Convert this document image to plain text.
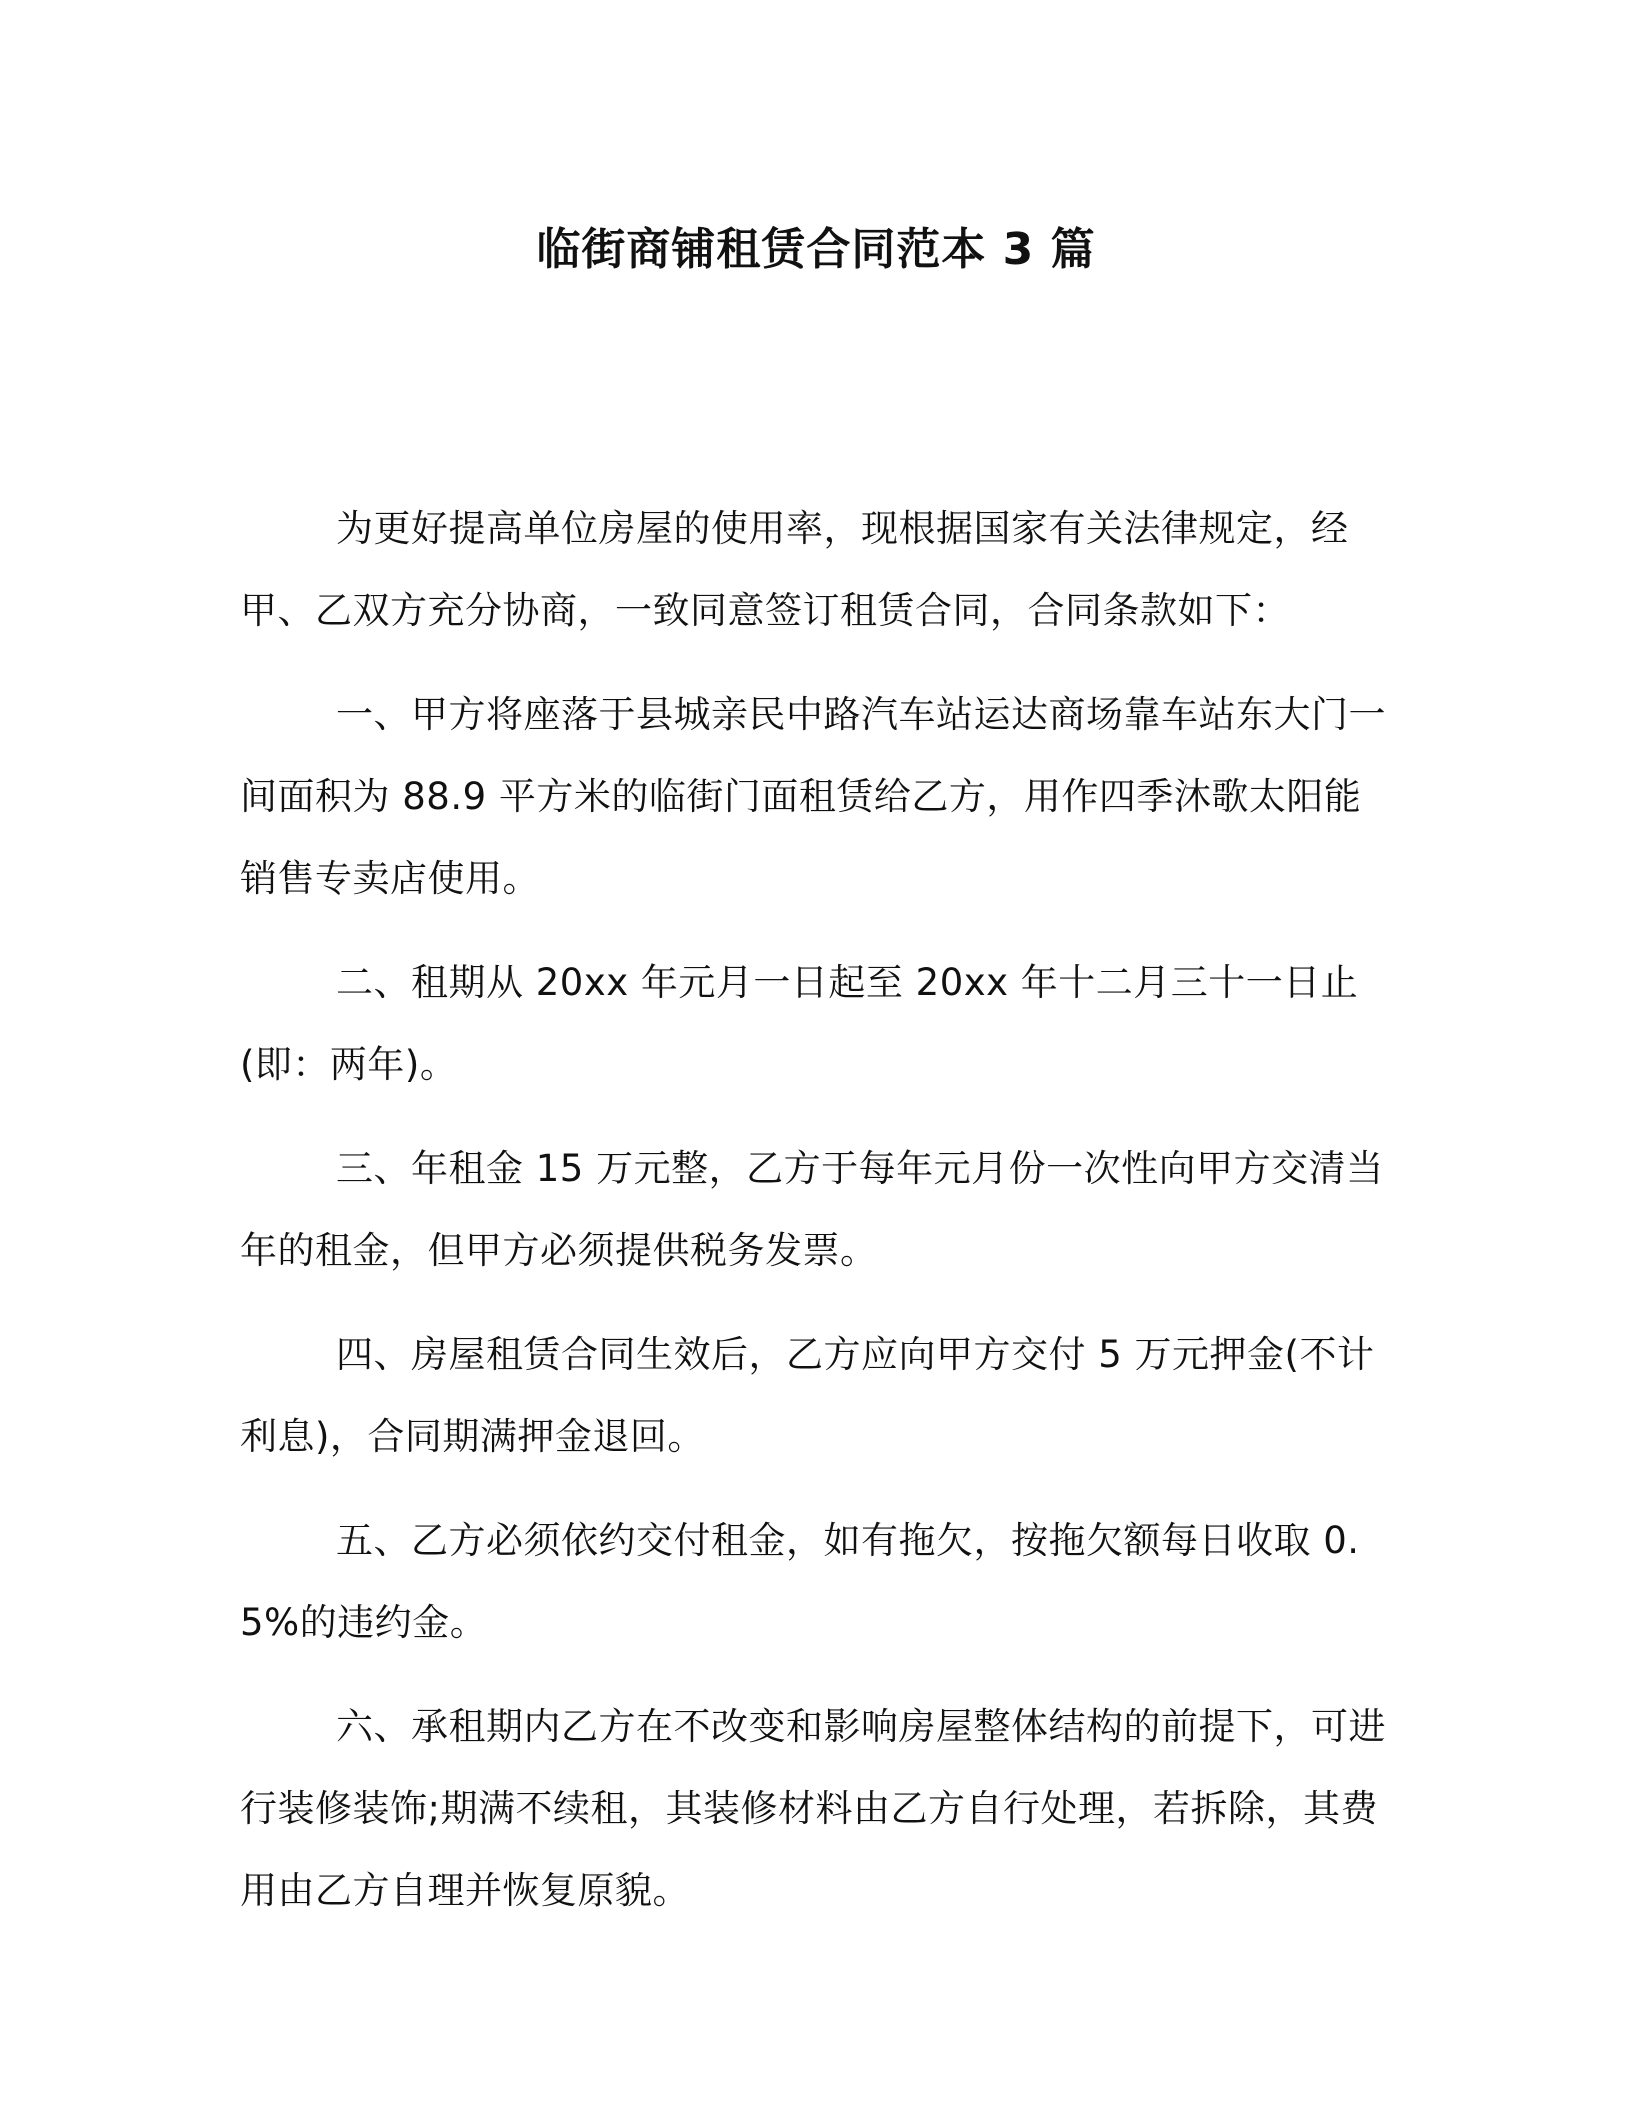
临街商铺租赁合同范本 3 篇

为更好提高单位房屋的使用率，现根据国家有关法律规定，经甲、乙双方充分协商，一致同意签订租赁合同，合同条款如下：

一、甲方将座落于县城亲民中路汽车站运达商场靠车站东大门一间面积为 88.9 平方米的临街门面租赁给乙方，用作四季沐歌太阳能销售专卖店使用。

二、租期从 20xx 年元月一日起至 20xx 年十二月三十一日止(即：两年)。

三、年租金 15 万元整，乙方于每年元月份一次性向甲方交清当年的租金，但甲方必须提供税务发票。

四、房屋租赁合同生效后，乙方应向甲方交付 5 万元押金(不计利息)，合同期满押金退回。

五、乙方必须依约交付租金，如有拖欠，按拖欠额每日收取 0.5%的违约金。

六、承租期内乙方在不改变和影响房屋整体结构的前提下，可进行装修装饰;期满不续租，其装修材料由乙方自行处理，若拆除，其费用由乙方自理并恢复原貌。
